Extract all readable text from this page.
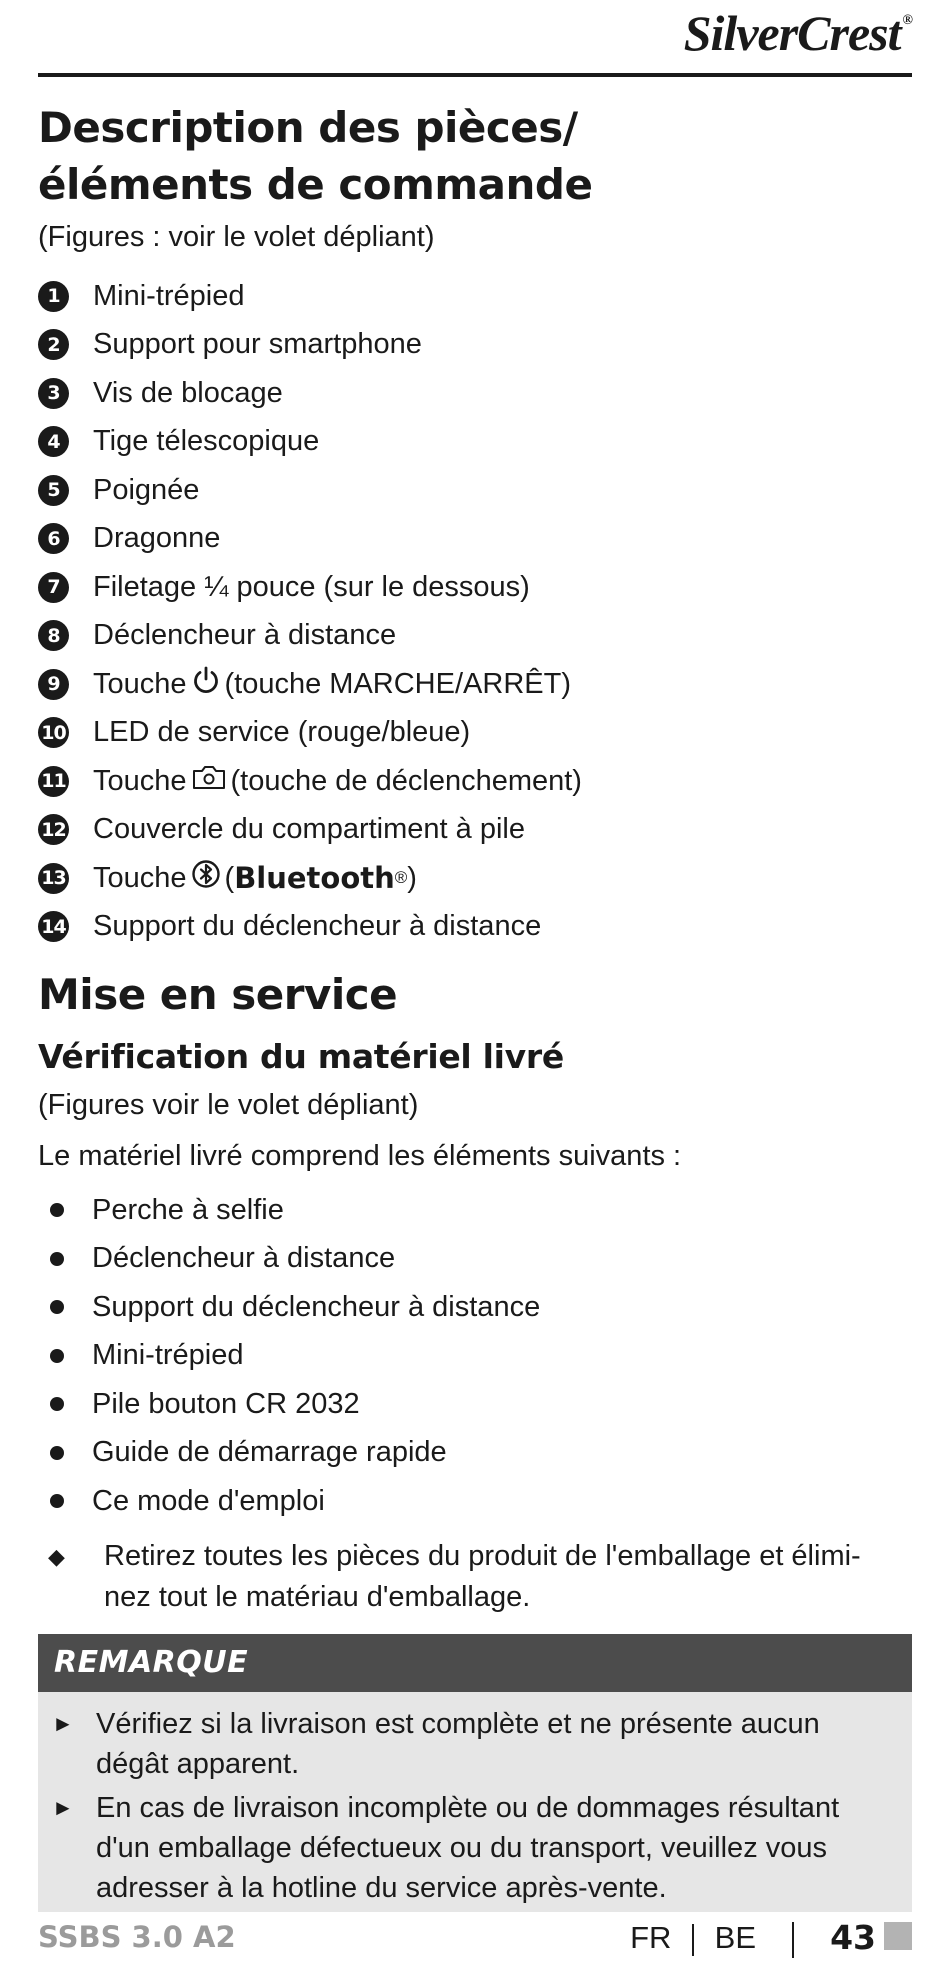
SilverCrest ®
Description des pièces/
éléments de commande
(Figures : voir le volet dépliant)
1	Mini-trépied
2	Support pour smartphone
3	Vis de blocage
4	Tige télescopique
5	Poignée
6	Dragonne
7	Filetage ¼ pouce (sur le dessous)
8	Déclencheur à distance
9	Touche (touche MARCHE/ARRÊT)
10 LED de service (rouge/bleue)
11 Touche (touche de déclenchement)
12 Couvercle du compartiment à pile
13 Touche ( Bluetooth ® )
14 Support du déclencheur à distance
Mise en service
Vérification du matériel livré
(Figures voir le volet dépliant)
Le matériel livré comprend les éléments suivants :
Perche à selfie
Déclencheur à distance
Support du déclencheur à distance
Mini-trépied
Pile bouton CR 2032
Guide de démarrage rapide
Ce mode d'emploi
◆	Retirez toutes les pièces du produit de l'emballage et élimi-
nez tout le matériau d'emballage.
REMARQUE
► Vérifiez si la livraison est complète et ne présente aucun
dégât apparent.
► En cas de livraison incomplète ou de dommages résultant
d'un emballage défectueux ou du transport, veuillez vous
adresser à la hotline du service après-vente.
SSBS 3.0 A2	FR BE 43
